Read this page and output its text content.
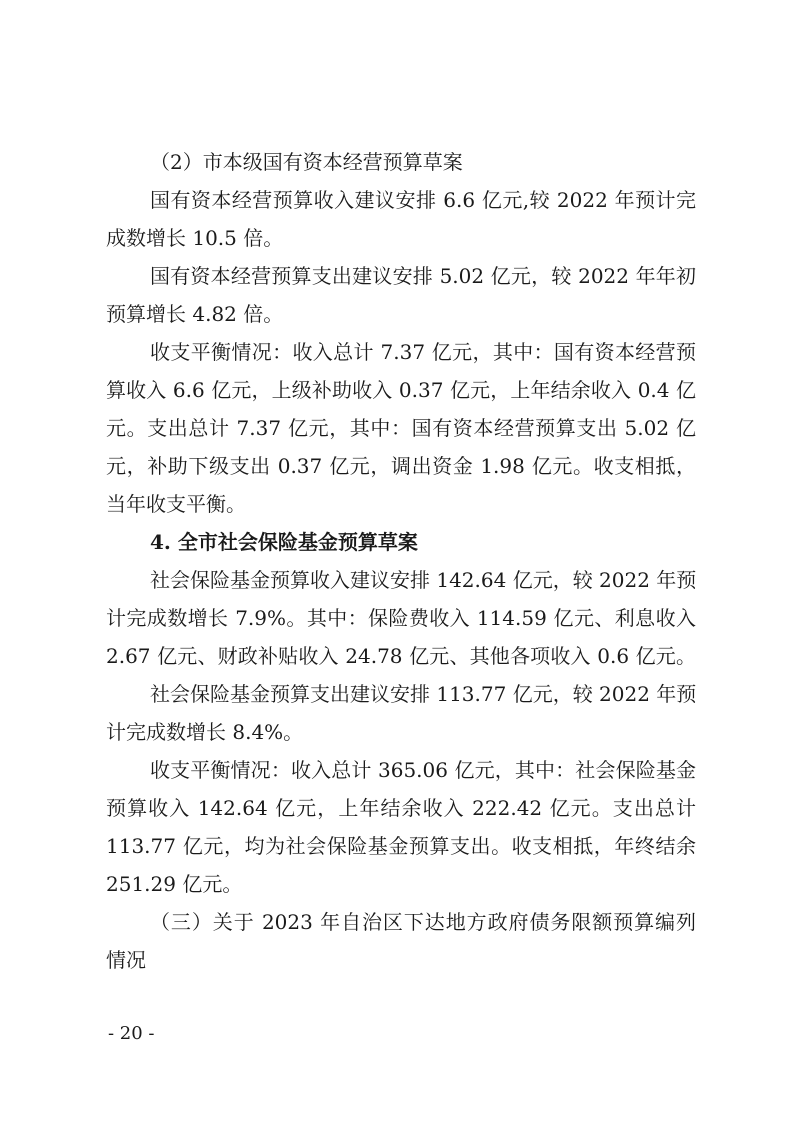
（2）市本级国有资本经营预算草案
国有资本经营预算收入建议安排 6.6 亿元,较 2022 年预计完
成数增长 10.5 倍。
国有资本经营预算支出建议安排 5.02 亿元，较 2022 年年初
预算增长 4.82 倍。
收支平衡情况：收入总计 7.37 亿元，其中：国有资本经营预
算收入 6.6 亿元，上级补助收入 0.37 亿元，上年结余收入 0.4 亿
元。支出总计 7.37 亿元，其中：国有资本经营预算支出 5.02 亿
元，补助下级支出 0.37 亿元，调出资金 1.98 亿元。收支相抵，
当年收支平衡。
4. 全市社会保险基金预算草案
社会保险基金预算收入建议安排 142.64 亿元，较 2022 年预
计完成数增长 7.9%。其中：保险费收入 114.59 亿元、利息收入
2.67 亿元、财政补贴收入 24.78 亿元、其他各项收入 0.6 亿元。
社会保险基金预算支出建议安排 113.77 亿元，较 2022 年预
计完成数增长 8.4%。
收支平衡情况：收入总计 365.06 亿元，其中：社会保险基金
预算收入 142.64 亿元，上年结余收入 222.42 亿元。支出总计
113.77 亿元，均为社会保险基金预算支出。收支相抵，年终结余
251.29 亿元。
（三）关于 2023 年自治区下达地方政府债务限额预算编列
情况
- 20 -
